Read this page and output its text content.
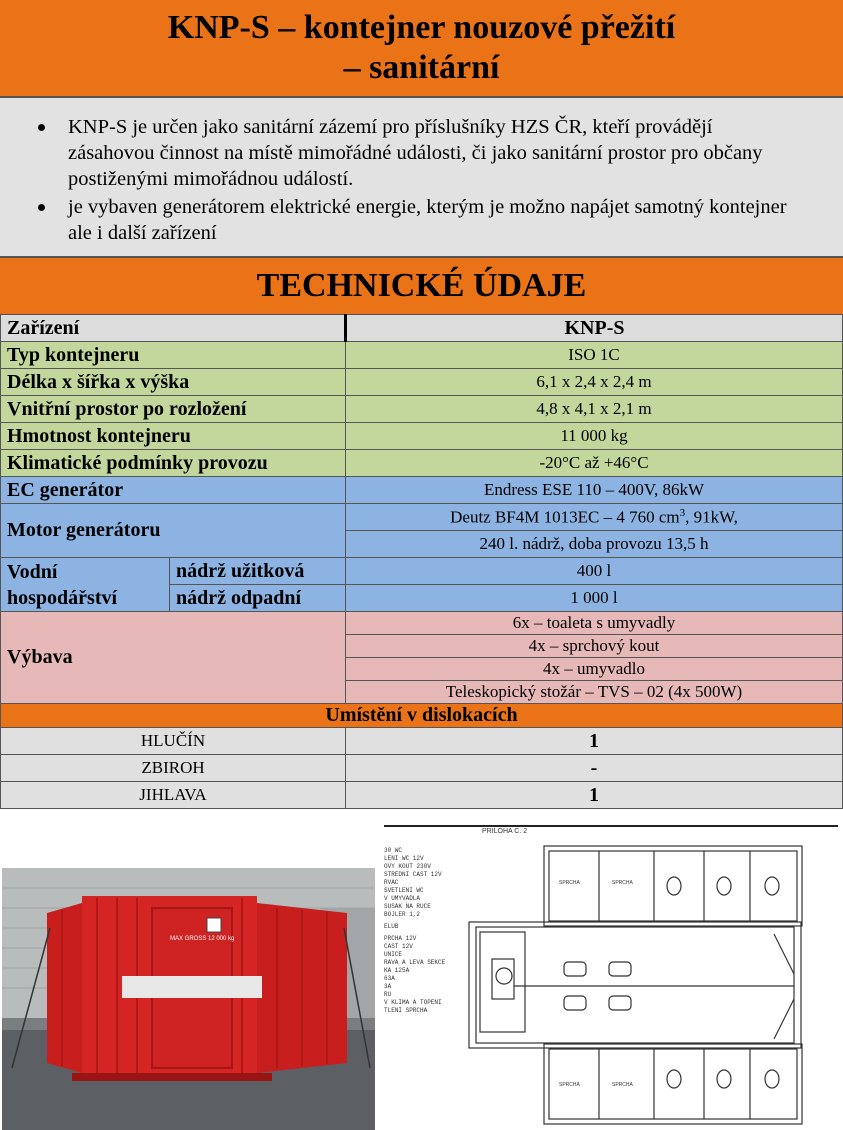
KNP-S – kontejner nouzové přežití
– sanitární
KNP-S je určen jako sanitární zázemí pro příslušníky HZS ČR, kteří provádějí zásahovou činnost na místě mimořádné události, či jako sanitární prostor pro občany postiženými mimořádnou událostí.
je vybaven generátorem elektrické energie, kterým je možno napájet samotný kontejner ale i další zařízení
TECHNICKÉ ÚDAJE
Zařízení		KNP-S
Typ kontejneru		ISO 1C
Délka x šířka x výška		6,1 x 2,4 x 2,4 m
Vnitřní prostor po rozložení		4,8 x 4,1 x 2,1 m
Hmotnost kontejneru		11 000 kg
Klimatické podmínky provozu		-20°C až +46°C
EC generátor		Endress ESE 110 – 400V, 86kW
Motor generátoru		Deutz BF4M 1013EC – 4 760 $cm^3$, 91kW,
		240 l. nádrž, doba provozu 13,5 h
Vodní
hospodářství	nádrž užitková	400 l
	nádrž odpadní	1 000 l
Výbava		6x – toaleta s umyvadly
		4x – sprchový kout
		4x – umyvadlo
		Teleskopický stožár – TVS – 02 (4x 500W)
Umístění v dislokacích		
HLUČÍN		1
ZBIROH		-
JIHLAVA		1
MAX GROSS 12 000 kg
PRILOHA C. 2
30 WC
LENI WC 12V
OVY KOUT 230V
STREDNI CAST 12V
RVAC
SVETLENI WC
V UMYVADLA
SUSAK NA RUCE
BOJLER 1,2
ELUB
PRCHA 12V
CAST 12V
UNICE
RAVA A LEVA SEKCE
KA 125A
63A
3A
RU
V KLIMA A TOPENI
TLENI SPRCHA
SPRCHA	SPRCHA
SPRCHA	SPRCHA
